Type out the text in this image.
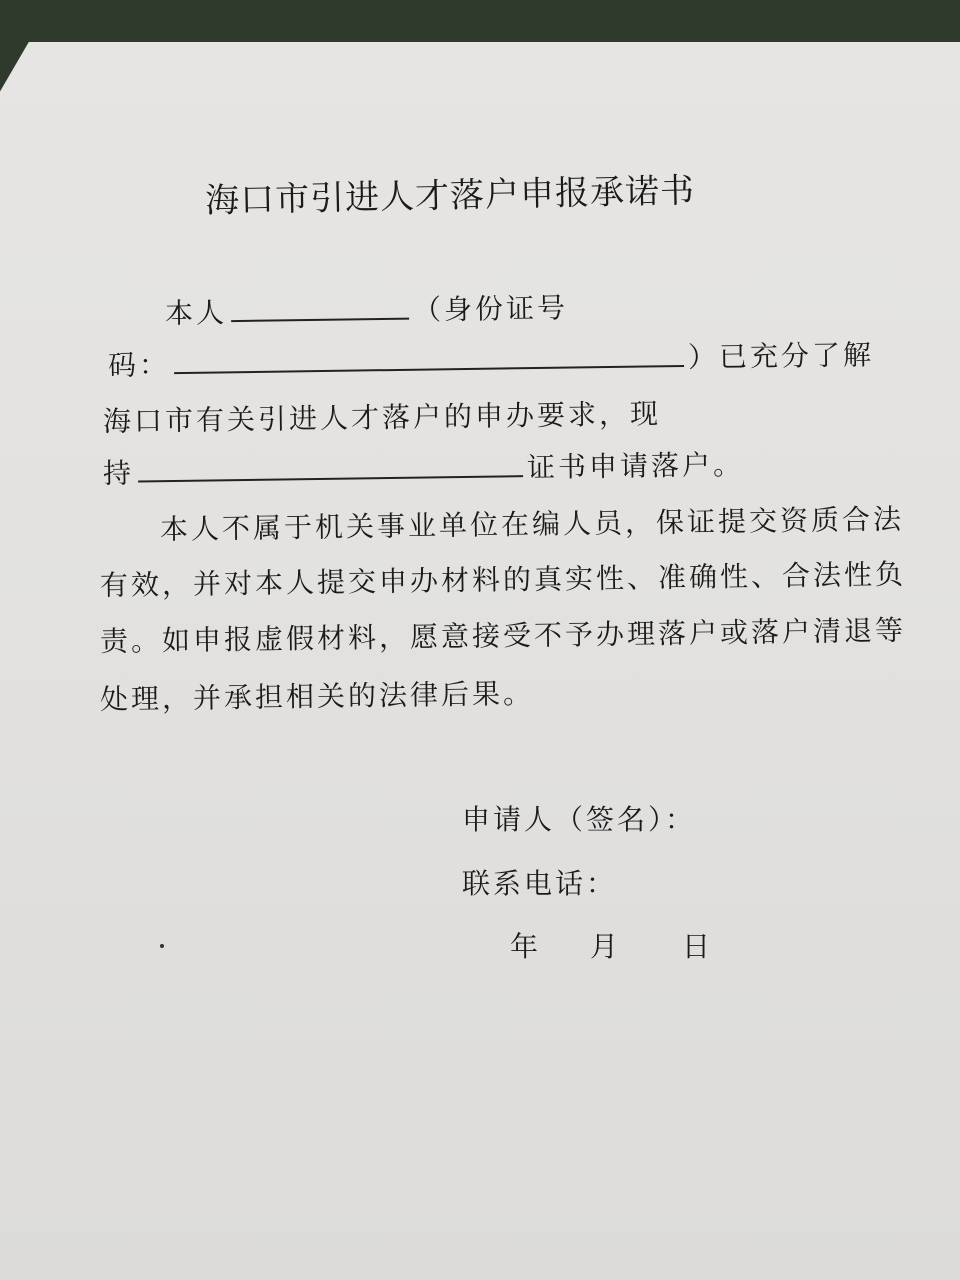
海口市引进人才落户申报承诺书
本人	（身份证号
码：	）已充分了解
海口市有关引进人才落户的申办要求，现
持	证书申请落户。
本人不属于机关事业单位在编人员，保证提交资质合法
有效，并对本人提交申办材料的真实性、准确性、合法性负
责。如申报虚假材料，愿意接受不予办理落户或落户清退等
处理，并承担相关的法律后果。
申请人（签名）：
联系电话：
年 月 日
